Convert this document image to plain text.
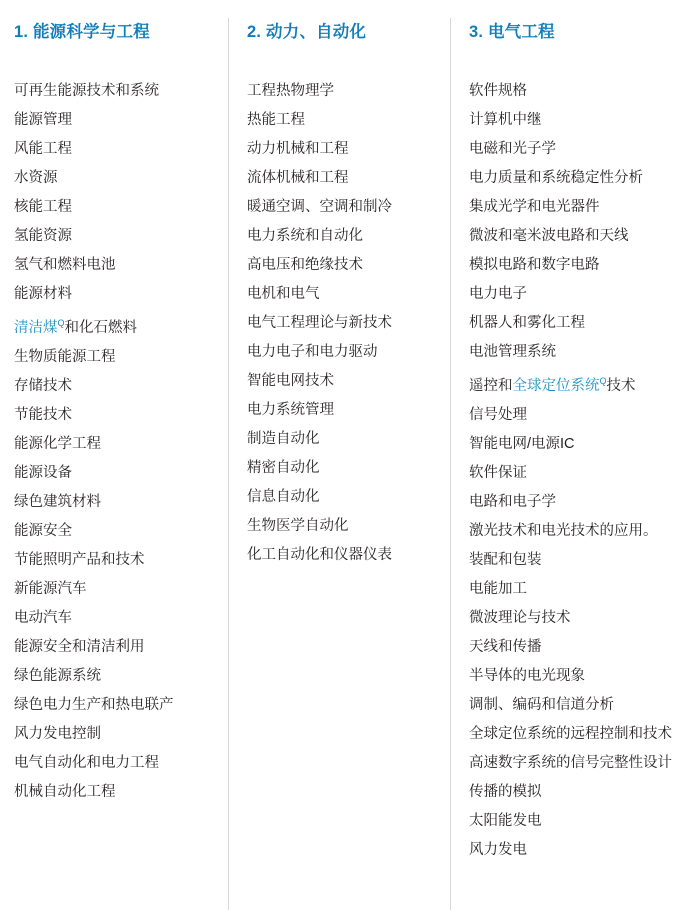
1. 能源科学与工程
可再生能源技术和系统
能源管理
风能工程
水资源
核能工程
氢能资源
氢气和燃料电池
能源材料
清洁煤$^Q$和化石燃料
生物质能源工程
存储技术
节能技术
能源化学工程
能源设备
绿色建筑材料
能源安全
节能照明产品和技术
新能源汽车
电动汽车
能源安全和清洁利用
绿色能源系统
绿色电力生产和热电联产
风力发电控制
电气自动化和电力工程
机械自动化工程
2. 动力、自动化
工程热物理学
热能工程
动力机械和工程
流体机械和工程
暖通空调、空调和制冷
电力系统和自动化
高电压和绝缘技术
电机和电气
电气工程理论与新技术
电力电子和电力驱动
智能电网技术
电力系统管理
制造自动化
精密自动化
信息自动化
生物医学自动化
化工自动化和仪器仪表
3. 电气工程
软件规格
计算机中继
电磁和光子学
电力质量和系统稳定性分析
集成光学和电光器件
微波和毫米波电路和天线
模拟电路和数字电路
电力电子
机器人和雾化工程
电池管理系统
遥控和全球定位系统$^Q$技术
信号处理
智能电网/电源IC
软件保证
电路和电子学
激光技术和电光技术的应用。
装配和包装
电能加工
微波理论与技术
天线和传播
半导体的电光现象
调制、编码和信道分析
全球定位系统的远程控制和技术
高速数字系统的信号完整性设计
传播的模拟
太阳能发电
风力发电
